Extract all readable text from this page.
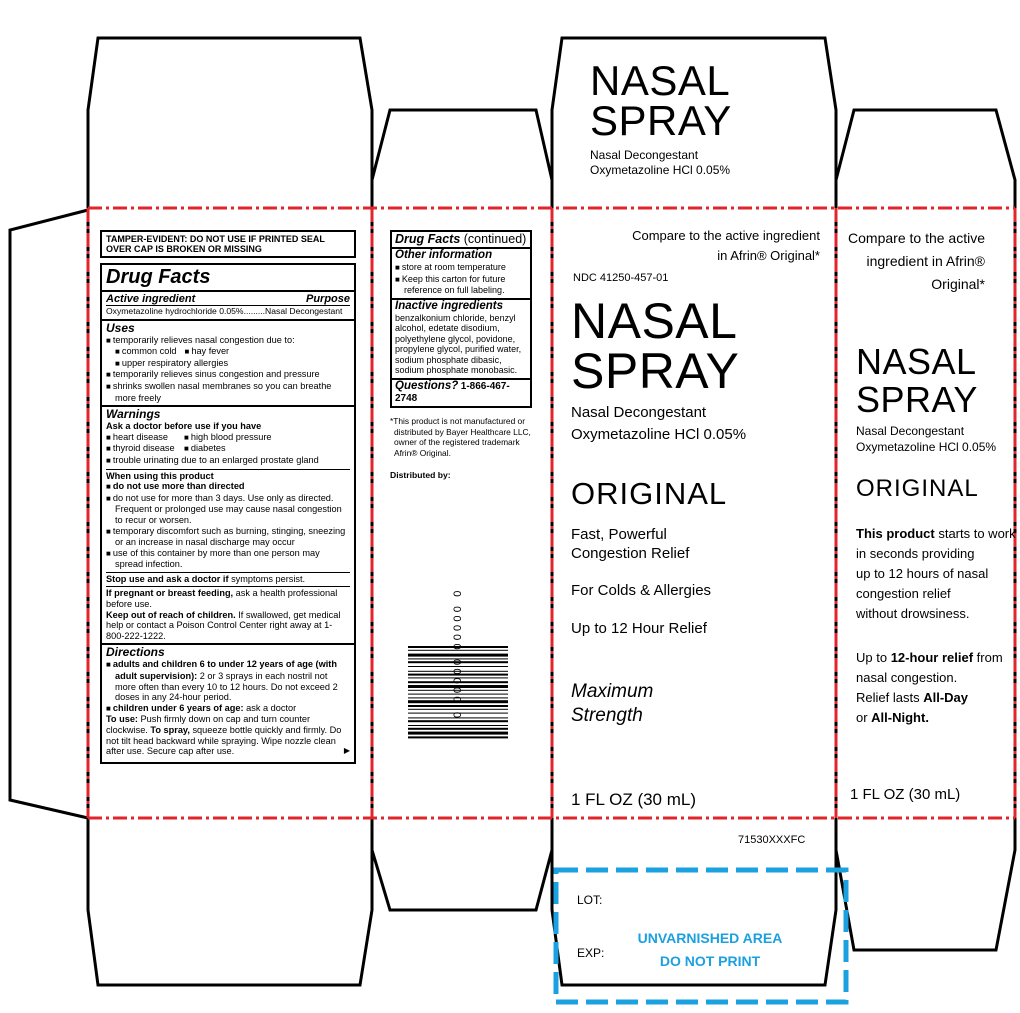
NASAL
SPRAY
Nasal Decongestant
Oxymetazoline HCl 0.05%
TAMPER-EVIDENT: DO NOT USE IF PRINTED SEAL OVER CAP IS BROKEN OR MISSING
Drug Facts
Active ingredient	Purpose
Oxymetazoline hydrochloride 0.05%.........Nasal Decongestant
Uses
■ temporarily relieves nasal congestion due to:
■ common cold	■ hay fever
■ upper respiratory allergies
■ temporarily relieves sinus congestion and pressure
■ shrinks swollen nasal membranes so you can breathe more freely
Warnings
Ask a doctor before use if you have
■ heart disease	■ high blood pressure
■ thyroid disease	■ diabetes
■ trouble urinating due to an enlarged prostate gland
When using this product
■ do not use more than directed
■ do not use for more than 3 days. Use only as directed. Frequent or prolonged use may cause nasal congestion to recur or worsen.
■ temporary discomfort such as burning, stinging, sneezing or an increase in nasal discharge may occur
■ use of this container by more than one person may spread infection.
Stop use and ask a doctor if symptoms persist.
If pregnant or breast feeding, ask a health professional before use.
Keep out of reach of children. If swallowed, get medical help or contact a Poison Control Center right away at 1-800-222-1222.
Directions
■ adults and children 6 to under 12 years of age (with adult supervision): 2 or 3 sprays in each nostril not more often than every 10 to 12 hours. Do not exceed 2 doses in any 24-hour period.
■ children under 6 years of age: ask a doctor
To use: Push firmly down on cap and turn counter clockwise. To spray, squeeze bottle quickly and firmly. Do not tilt head backward while spraying. Wipe nozzle clean after use. Secure cap after use.	▶
Drug Facts (continued)
Other information
■ store at room temperature
■ Keep this carton for future reference on full labeling.
Inactive ingredients
benzalkonium chloride, benzyl alcohol, edetate disodium, polyethylene glycol, povidone, propylene glycol, purified water, sodium phosphate dibasic, sodium phosphate monobasic.
Questions? 1-866-467-2748
*This product is not manufactured or distributed by Bayer Healthcare LLC, owner of the registered trademark Afrin® Original.
Distributed by:
0 00000 00000 0
Compare to the active ingredient
in Afrin® Original*
NDC 41250-457-01
NASAL
SPRAY
Nasal Decongestant
Oxymetazoline HCl 0.05%
ORIGINAL
Fast, Powerful
Congestion Relief
For Colds & Allergies
Up to 12 Hour Relief
Maximum
Strength
1 FL OZ (30 mL)
71530XXXFC
Compare to the active
ingredient in Afrin®
Original*
NASAL
SPRAY
Nasal Decongestant
Oxymetazoline HCl 0.05%
ORIGINAL
This product starts to work
in seconds providing
up to 12 hours of nasal
congestion relief
without drowsiness.
Up to 12-hour relief from
nasal congestion.
Relief lasts All-Day
or All-Night.
1 FL OZ (30 mL)
LOT:
EXP:
UNVARNISHED AREA
DO NOT PRINT
